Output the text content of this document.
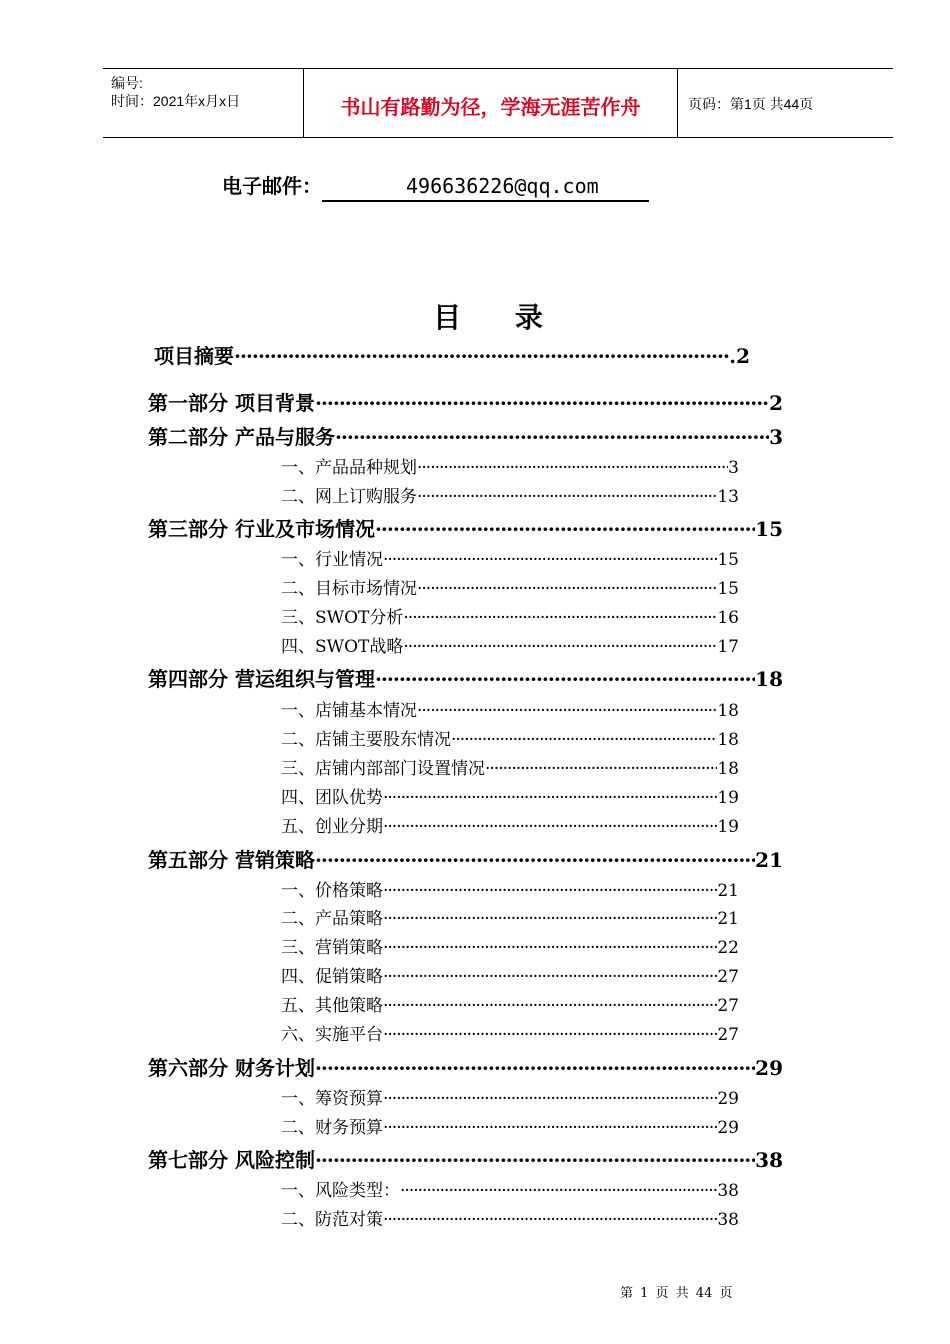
编号:
时间：2021年x月x日	书山有路勤为径，学海无涯苦作舟	页码：第1页 共44页
电子邮件：	496636226@qq.com
目 录
项目摘要 ·····	.2
第一部分 项目背景 ·····	2
第二部分 产品与服务 ·····	3
一、产品品种规划 ·····	3
二、网上订购服务 ·····	13
第三部分 行业及市场情况 ·····	15
一、行业情况 ·····	15
二、目标市场情况 ·····	15
三、SWOT分析 ·····	16
四、SWOT战略 ·····	17
第四部分 营运组织与管理 ·····	18
一、店铺基本情况 ·····	18
二、店铺主要股东情况 ·····	18
三、店铺内部部门设置情况 ·····	18
四、团队优势 ·····	19
五、创业分期 ·····	19
第五部分 营销策略 ·····	21
一、价格策略 ·····	21
二、产品策略 ·····	21
三、营销策略 ·····	22
四、促销策略 ·····	27
五、其他策略 ·····	27
六、实施平台 ·····	27
第六部分 财务计划 ·····	29
一、筹资预算 ·····	29
二、财务预算 ·····	29
第七部分 风险控制 ·····	38
一、风险类型： ·····	38
二、防范对策 ·····	38
第 1 页 共 44 页
